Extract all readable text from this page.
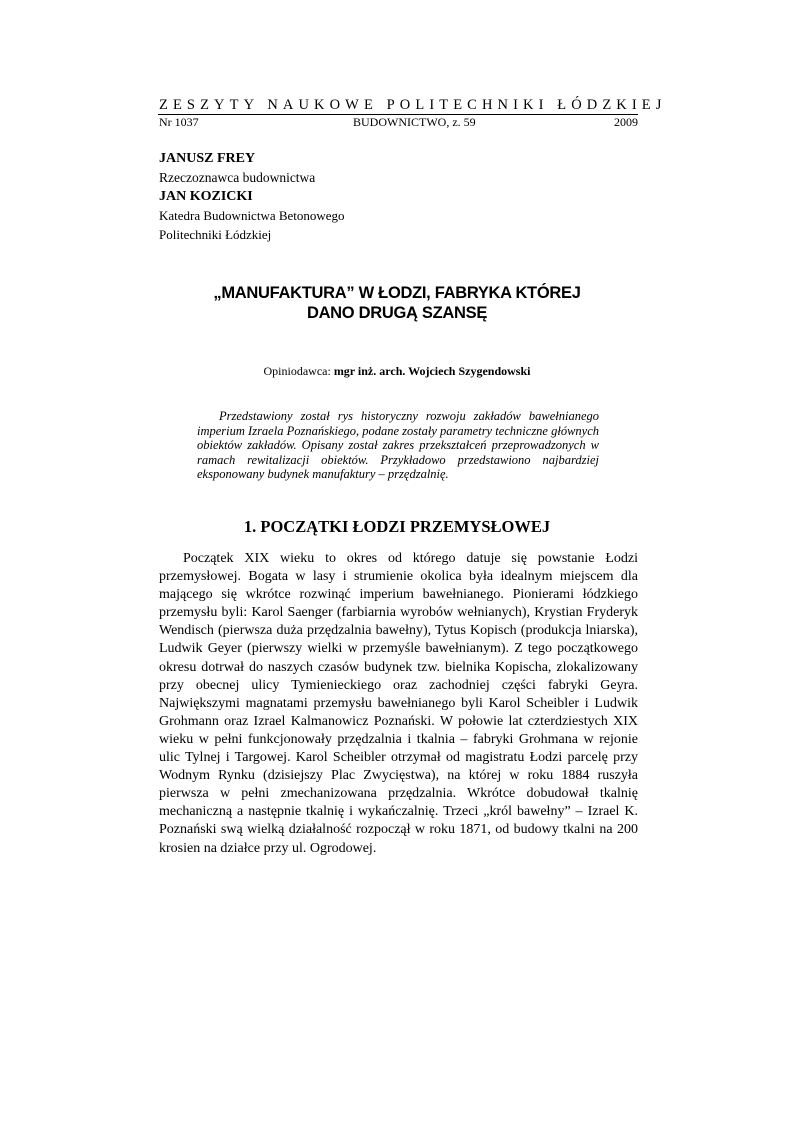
ZESZYTY NAUKOWE POLITECHNIKI ŁÓDZKIEJ
Nr 1037	BUDOWNICTWO, z. 59	2009
JANUSZ FREY
Rzeczoznawca budownictwa
JAN KOZICKI
Katedra Budownictwa Betonowego
Politechniki Łódzkiej
„MANUFAKTURA” W ŁODZI, FABRYKA KTÓREJ
DANO DRUGĄ SZANSĘ
Opiniodawca: mgr inż. arch. Wojciech Szygendowski
Przedstawiony został rys historyczny rozwoju zakładów bawełnianego imperium Izraela Poznańskiego, podane zostały parametry techniczne głównych obiektów zakładów. Opisany został zakres przekształceń przeprowadzonych w ramach rewitalizacji obiektów. Przykładowo przedstawiono najbardziej eksponowany budynek manufaktury – przędzalnię.
1. POCZĄTKI ŁODZI PRZEMYSŁOWEJ
Początek XIX wieku to okres od którego datuje się powstanie Łodzi przemysłowej. Bogata w lasy i strumienie okolica była idealnym miejscem dla mającego się wkrótce rozwinąć imperium bawełnianego. Pionierami łódzkiego przemysłu byli: Karol Saenger (farbiarnia wyrobów wełnianych), Krystian Fryderyk Wendisch (pierwsza duża przędzalnia bawełny), Tytus Kopisch (produkcja lniarska), Ludwik Geyer (pierwszy wielki w przemyśle bawełnianym). Z tego początkowego okresu dotrwał do naszych czasów budynek tzw. bielnika Kopischa, zlokalizowany przy obecnej ulicy Tymienieckiego oraz zachodniej części fabryki Geyra. Największymi magnatami przemysłu bawełnianego byli Karol Scheibler i Ludwik Grohmann oraz Izrael Kalmanowicz Poznański. W połowie lat czterdziestych XIX wieku w pełni funkcjonowały przędzalnia i tkalnia – fabryki Grohmana w rejonie ulic Tylnej i Targowej. Karol Scheibler otrzymał od magistratu Łodzi parcelę przy Wodnym Rynku (dzisiejszy Plac Zwycięstwa), na której w roku 1884 ruszyła pierwsza w pełni zmechanizowana przędzalnia. Wkrótce dobudował tkalnię mechaniczną a następnie tkalnię i wykańczalnię. Trzeci „król bawełny” – Izrael K. Poznański swą wielką działalność rozpoczął w roku 1871, od budowy tkalni na 200 krosien na działce przy ul. Ogrodowej.
